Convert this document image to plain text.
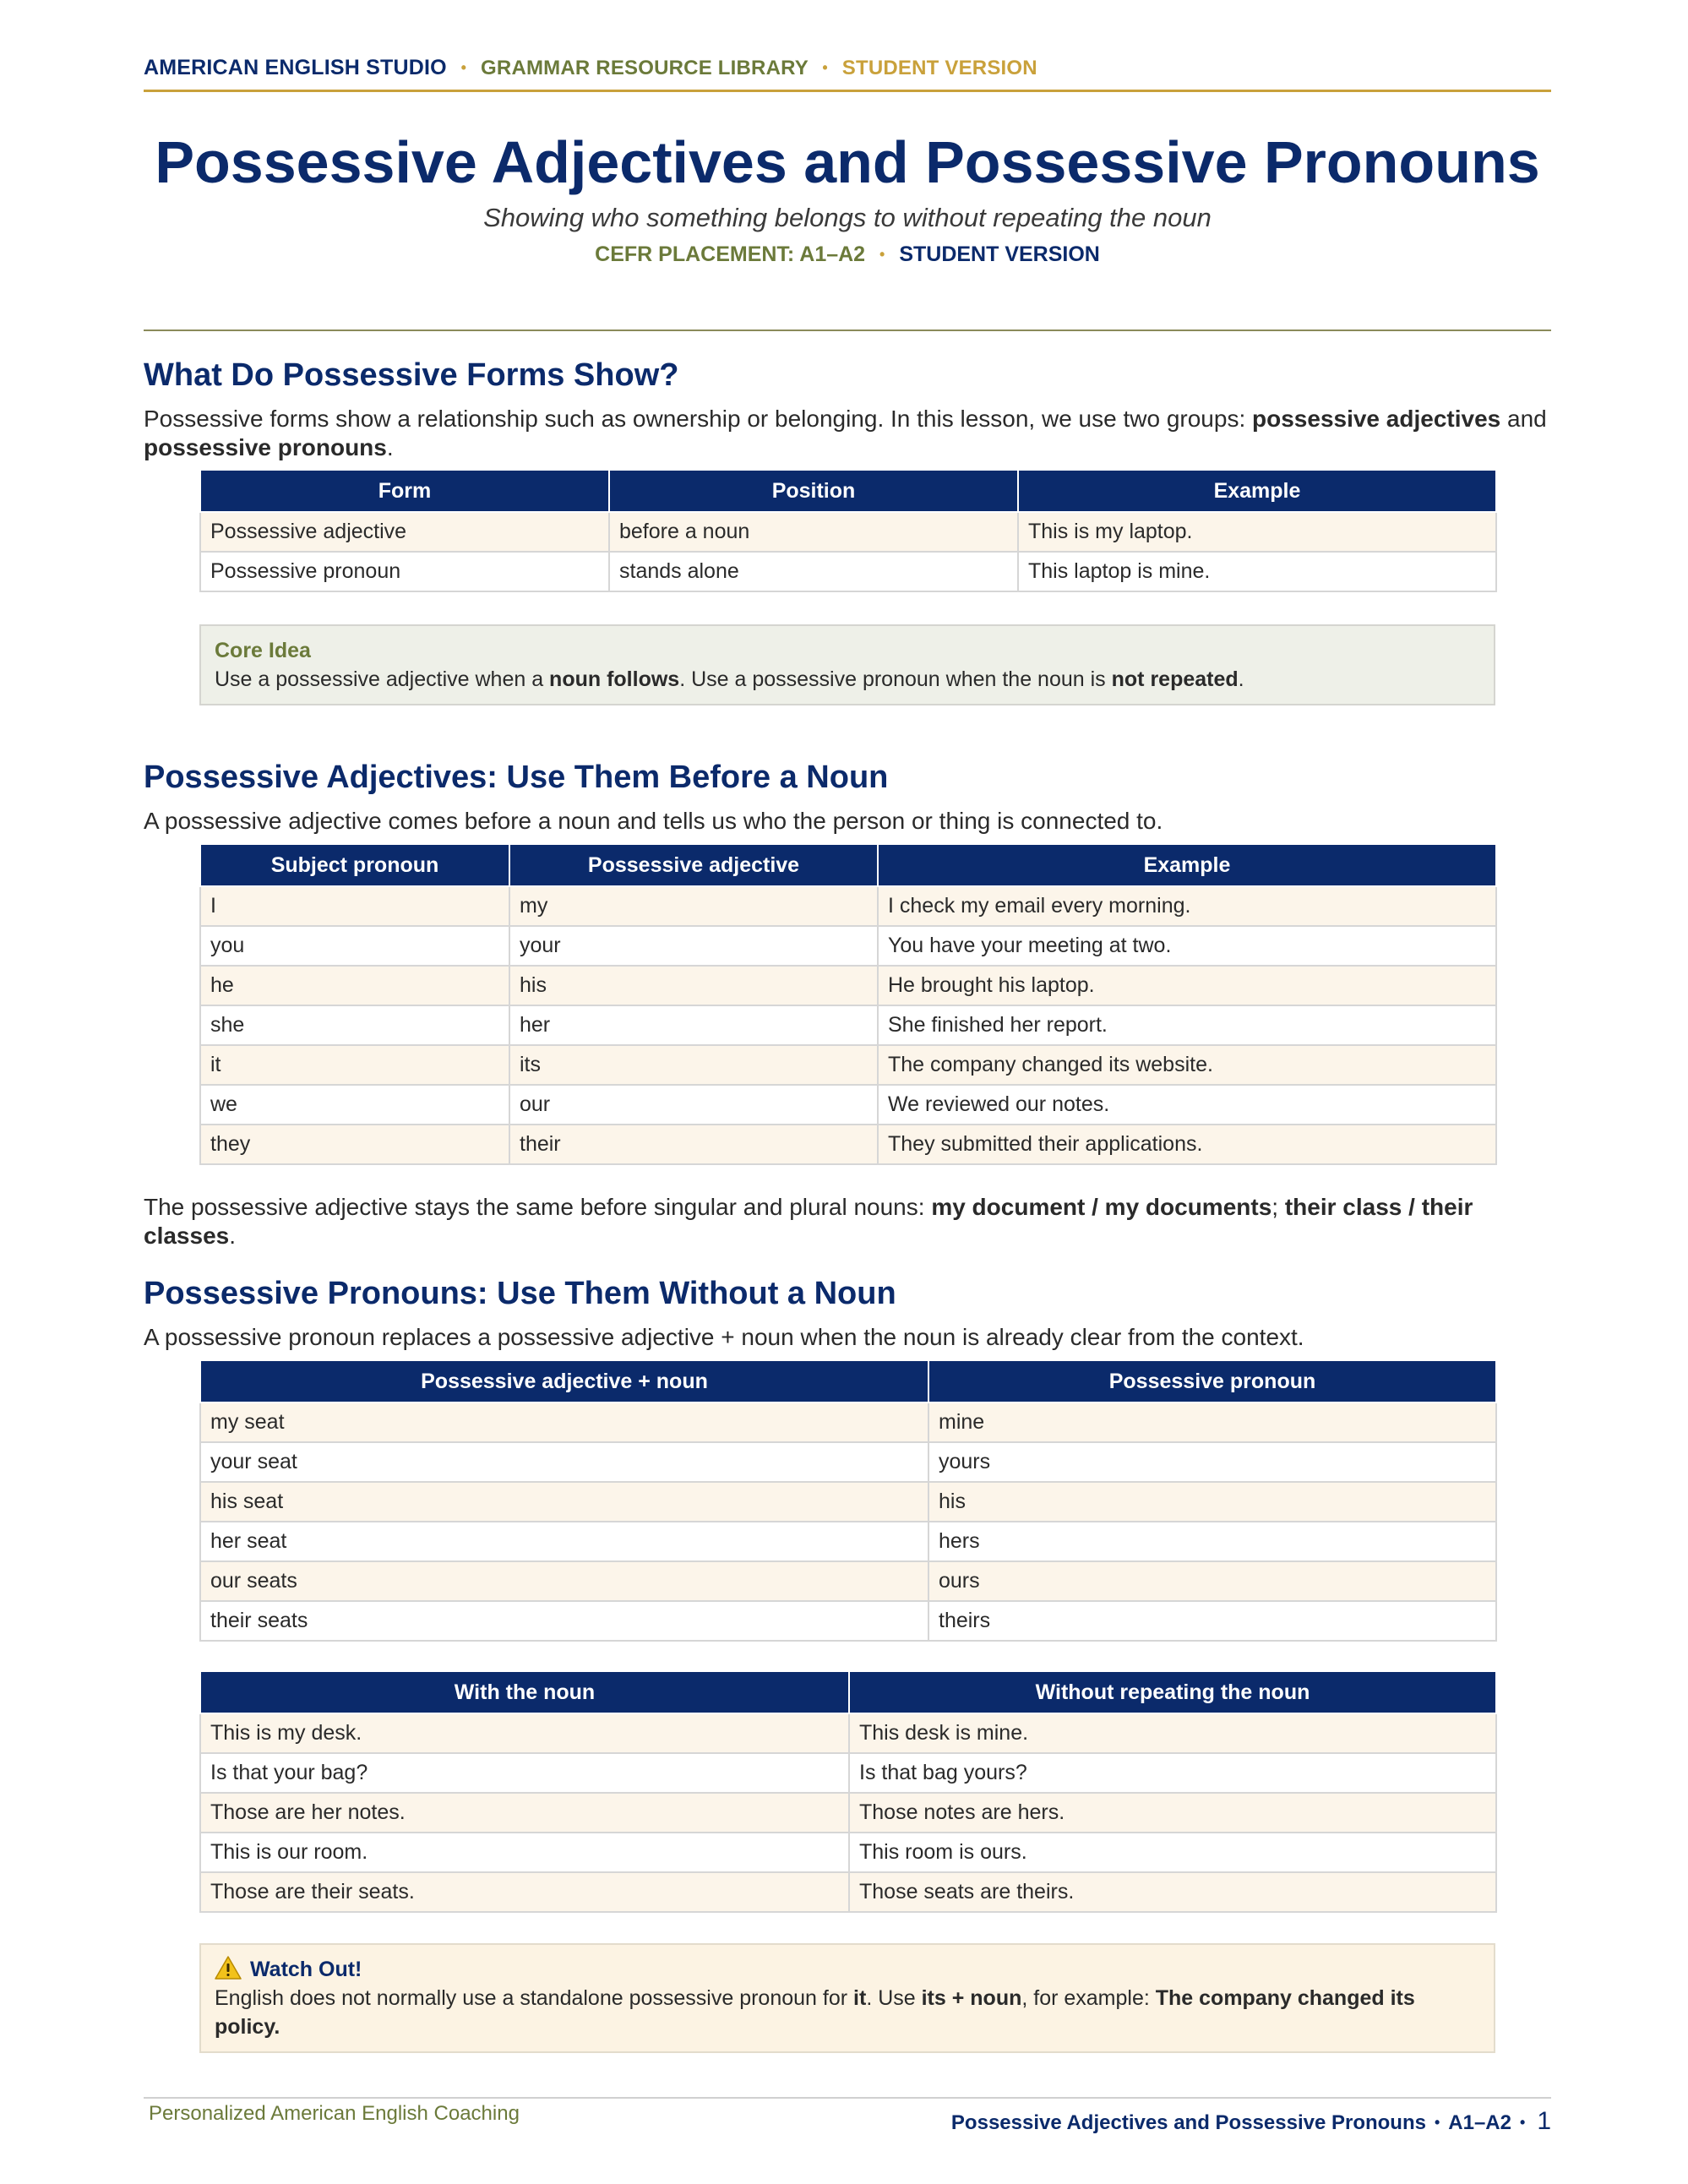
AMERICAN ENGLISH STUDIO • GRAMMAR RESOURCE LIBRARY • STUDENT VERSION
Possessive Adjectives and Possessive Pronouns
Showing who something belongs to without repeating the noun
CEFR PLACEMENT: A1–A2 • STUDENT VERSION
What Do Possessive Forms Show?

Possessive forms show a relationship such as ownership or belonging. In this lesson, we use two groups: possessive adjectives and possessive pronouns.

Form	Position	Example
Possessive adjective	before a noun	This is my laptop.
Possessive pronoun	stands alone	This laptop is mine.
Core Idea
Use a possessive adjective when a noun follows. Use a possessive pronoun when the noun is not repeated.
Possessive Adjectives: Use Them Before a Noun

A possessive adjective comes before a noun and tells us who the person or thing is connected to.

Subject pronoun	Possessive adjective	Example
I	my	I check my email every morning.
you	your	You have your meeting at two.
he	his	He brought his laptop.
she	her	She finished her report.
it	its	The company changed its website.
we	our	We reviewed our notes.
they	their	They submitted their applications.

The possessive adjective stays the same before singular and plural nouns: my document / my documents; their class / their classes.

Possessive Pronouns: Use Them Without a Noun

A possessive pronoun replaces a possessive adjective + noun when the noun is already clear from the context.

Possessive adjective + noun	Possessive pronoun
my seat	mine
your seat	yours
his seat	his
her seat	hers
our seats	ours
their seats	theirs
With the noun	Without repeating the noun
This is my desk.	This desk is mine.
Is that your bag?	Is that bag yours?
Those are her notes.	Those notes are hers.
This is our room.	This room is ours.
Those are their seats.	Those seats are theirs.
Watch Out!
English does not normally use a standalone possessive pronoun for it. Use its + noun, for example: The company changed its policy.
Personalized American English Coaching	Possessive Adjectives and Possessive Pronouns • A1–A2 • 1
